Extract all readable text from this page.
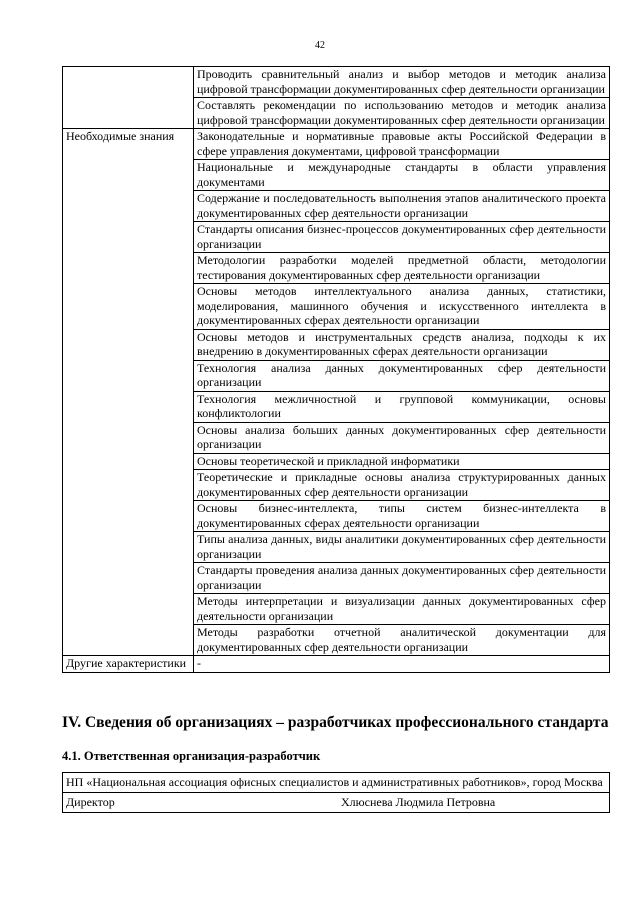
42
	Проводить сравнительный анализ и выбор методов и методик анализа цифровой трансформации документированных сфер деятельности организации
	Составлять рекомендации по использованию методов и методик анализа цифровой трансформации документированных сфер деятельности организации
Необходимые знания	Законодательные и нормативные правовые акты Российской Федерации в сфере управления документами, цифровой трансформации
	Национальные и международные стандарты в области управления документами
	Содержание и последовательность выполнения этапов аналитического проекта документированных сфер деятельности организации
	Стандарты описания бизнес-процессов документированных сфер деятельности организации
	Методологии разработки моделей предметной области, методологии тестирования документированных сфер деятельности организации
	Основы методов интеллектуального анализа данных, статистики, моделирования, машинного обучения и искусственного интеллекта в документированных сферах деятельности организации
	Основы методов и инструментальных средств анализа, подходы к их внедрению в документированных сферах деятельности организации
	Технология анализа данных документированных сфер деятельности организации
	Технология межличностной и групповой коммуникации, основы конфликтологии
	Основы анализа больших данных документированных сфер деятельности организации
	Основы теоретической и прикладной информатики
	Теоретические и прикладные основы анализа структурированных данных документированных сфер деятельности организации
	Основы бизнес-интеллекта, типы систем бизнес-интеллекта в документированных сферах деятельности организации
	Типы анализа данных, виды аналитики документированных сфер деятельности организации
	Стандарты проведения анализа данных документированных сфер деятельности организации
	Методы интерпретации и визуализации данных документированных сфер деятельности организации
	Методы разработки отчетной аналитической документации для документированных сфер деятельности организации
Другие характеристики	-
IV. Сведения об организациях – разработчиках профессионального стандарта
4.1. Ответственная организация-разработчик
НП «Национальная ассоциация офисных специалистов и административных работников», город Москва

Директор	Хлюснева Людмила Петровна
